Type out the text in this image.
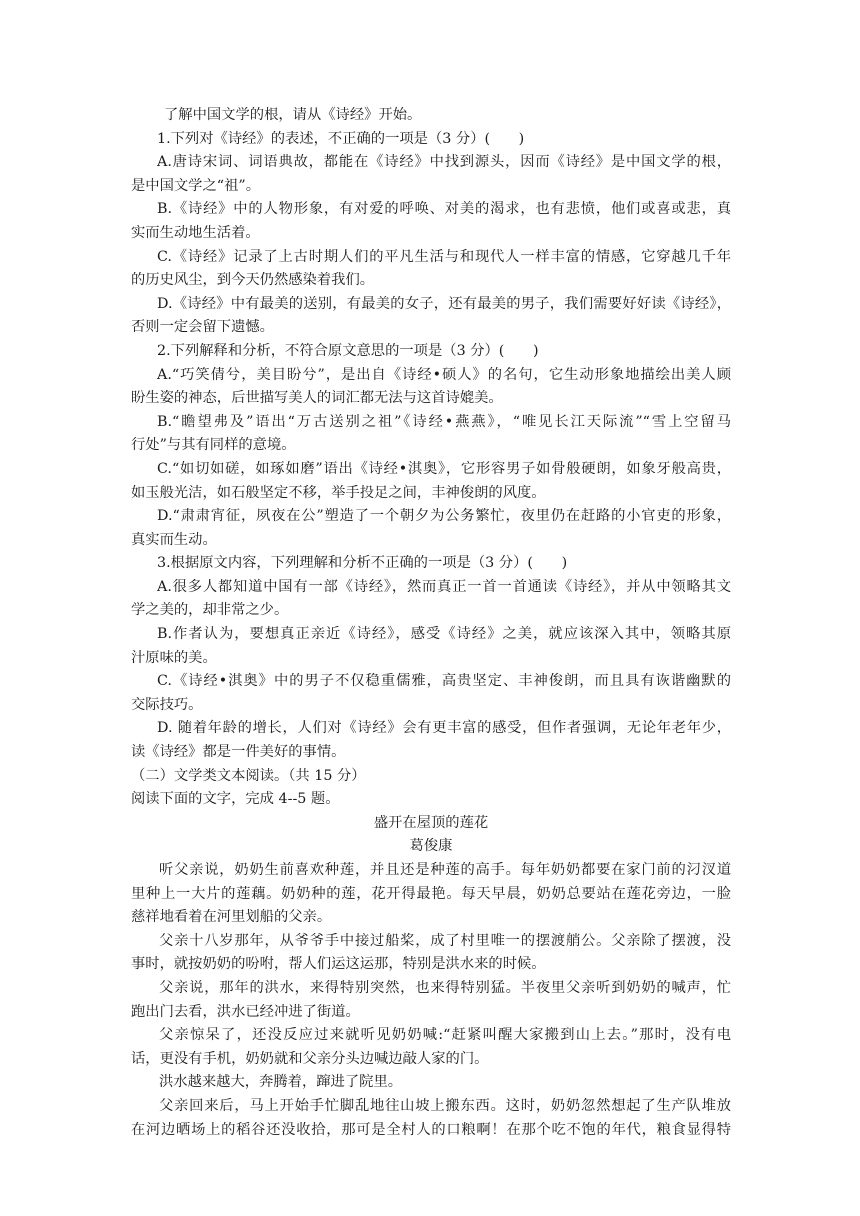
了解中国文学的根，请从《诗经》开始。
1.下列对《诗经》的表述，不正确的一项是（3 分）(　　)
A.唐诗宋词、词语典故，都能在《诗经》中找到源头，因而《诗经》是中国文学的根，
是中国文学之“祖”。
B.《诗经》中的人物形象，有对爱的呼唤、对美的渴求，也有悲愤，他们或喜或悲，真
实而生动地生活着。
C.《诗经》记录了上古时期人们的平凡生活与和现代人一样丰富的情感，它穿越几千年
的历史风尘，到今天仍然感染着我们。
D.《诗经》中有最美的送别，有最美的女子，还有最美的男子，我们需要好好读《诗经》，
否则一定会留下遗憾。
2.下列解释和分析，不符合原文意思的一项是（3 分）(　　)
A.“巧笑倩兮，美目盼兮”，是出自《诗经•硕人》的名句，它生动形象地描绘出美人顾
盼生姿的神态，后世描写美人的词汇都无法与这首诗媲美。
B.“瞻望弗及”语出“万古送别之祖”《诗经•燕燕》，“唯见长江天际流”“雪上空留马
行处”与其有同样的意境。
C.“如切如磋，如琢如磨”语出《诗经•淇奥》，它形容男子如骨般硬朗，如象牙般高贵，
如玉般光洁，如石般坚定不移，举手投足之间，丰神俊朗的风度。
D.“肃肃宵征，夙夜在公”塑造了一个朝夕为公务繁忙，夜里仍在赶路的小官吏的形象，
真实而生动。
3.根据原文内容，下列理解和分析不正确的一项是（3 分）(　　)
A.很多人都知道中国有一部《诗经》，然而真正一首一首通读《诗经》，并从中领略其文
学之美的，却非常之少。
B.作者认为，要想真正亲近《诗经》，感受《诗经》之美，就应该深入其中，领略其原
汁原味的美。
C.《诗经•淇奥》中的男子不仅稳重儒雅，高贵坚定、丰神俊朗，而且具有诙谐幽默的
交际技巧。
D. 随着年龄的增长，人们对《诗经》会有更丰富的感受，但作者强调，无论年老年少，
读《诗经》都是一件美好的事情。
（二）文学类文本阅读。（共 15 分）
阅读下面的文字，完成 4--5 题。
盛开在屋顶的莲花
葛俊康
听父亲说，奶奶生前喜欢种莲，并且还是种莲的高手。每年奶奶都要在家门前的汈汊道
里种上一大片的莲藕。奶奶种的莲，花开得最艳。每天早晨，奶奶总要站在莲花旁边，一脸
慈祥地看着在河里划船的父亲。
父亲十八岁那年，从爷爷手中接过船桨，成了村里唯一的摆渡艄公。父亲除了摆渡，没
事时，就按奶奶的吩咐，帮人们运这运那，特别是洪水来的时候。
父亲说，那年的洪水，来得特别突然，也来得特别猛。半夜里父亲听到奶奶的喊声，忙
跑出门去看，洪水已经冲进了街道。
父亲惊呆了，还没反应过来就听见奶奶喊:“赶紧叫醒大家搬到山上去。”那时，没有电
话，更没有手机，奶奶就和父亲分头边喊边敲人家的门。
洪水越来越大，奔腾着，蹿进了院里。
父亲回来后，马上开始手忙脚乱地往山坡上搬东西。这时，奶奶忽然想起了生产队堆放
在河边晒场上的稻谷还没收拾，那可是全村人的口粮啊！在那个吃不饱的年代，粮食显得特
